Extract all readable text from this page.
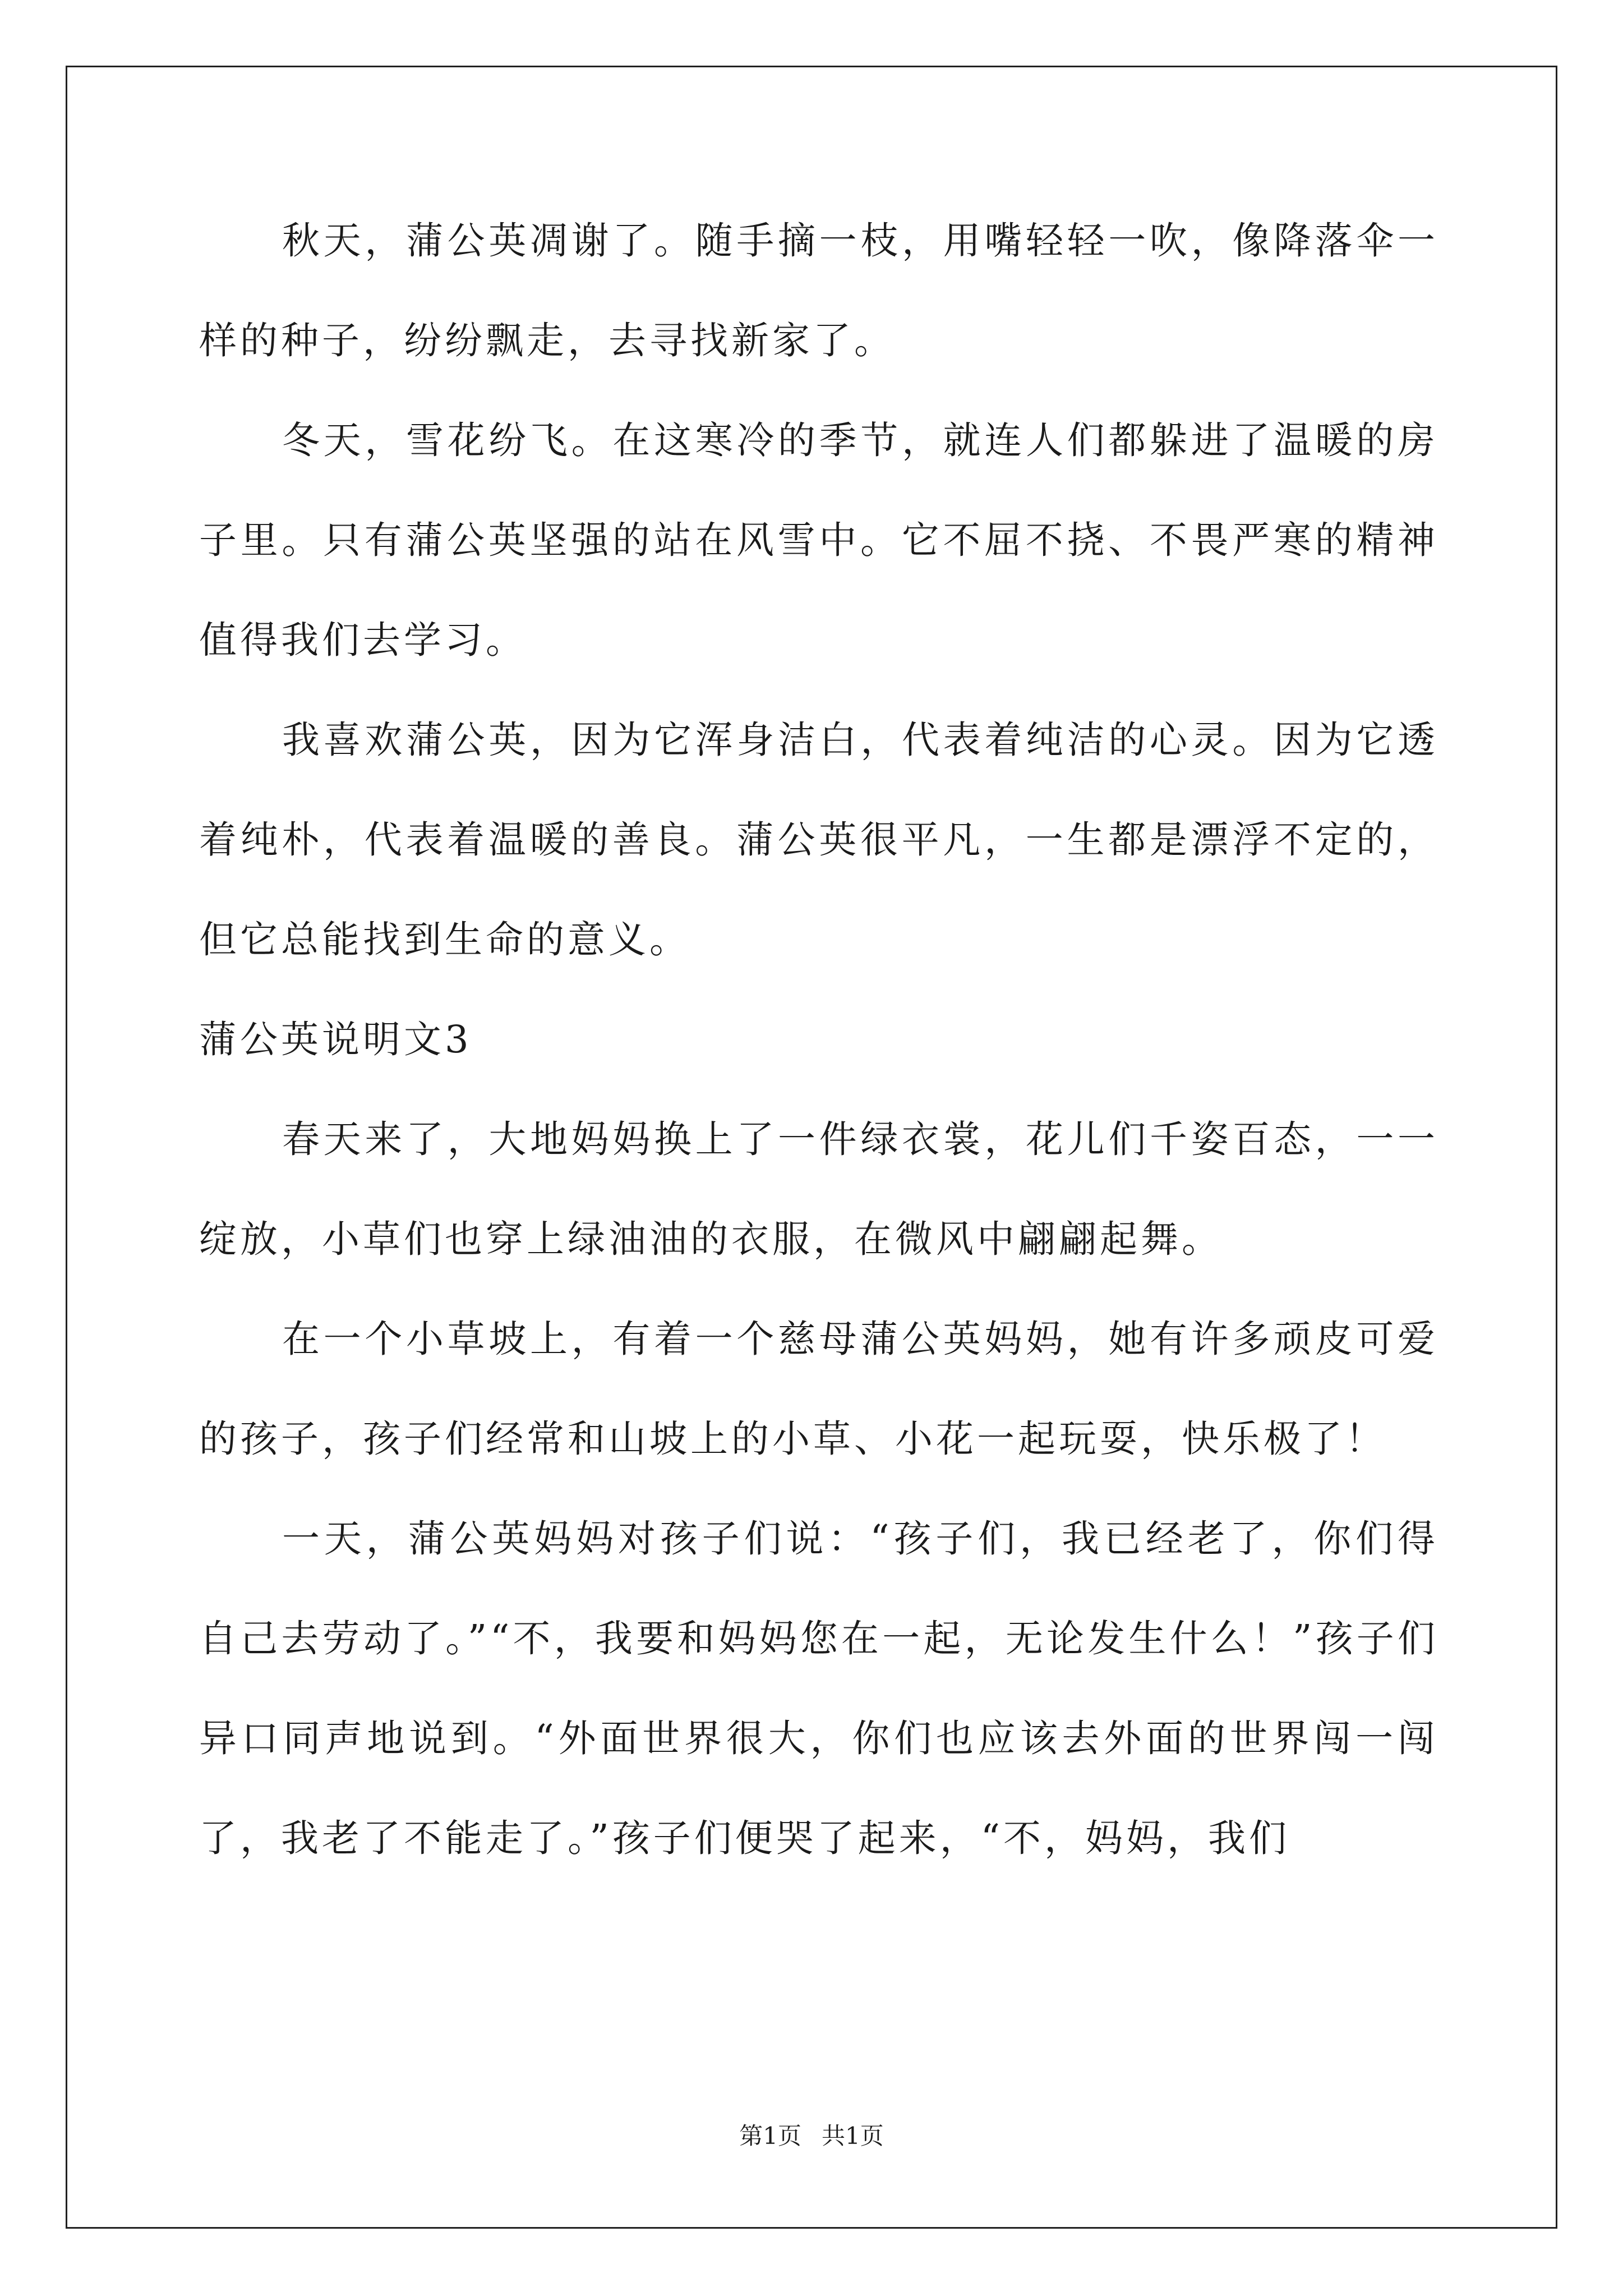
秋天，蒲公英凋谢了。随手摘一枝，用嘴轻轻一吹，像降落伞一样的种子，纷纷飘走，去寻找新家了。

冬天，雪花纷飞。在这寒冷的季节，就连人们都躲进了温暖的房子里。只有蒲公英坚强的站在风雪中。它不屈不挠、不畏严寒的精神值得我们去学习。

我喜欢蒲公英，因为它浑身洁白，代表着纯洁的心灵。因为它透着纯朴，代表着温暖的善良。蒲公英很平凡，一生都是漂浮不定的，但它总能找到生命的意义。

蒲公英说明文3

春天来了，大地妈妈换上了一件绿衣裳，花儿们千姿百态，一一绽放，小草们也穿上绿油油的衣服，在微风中翩翩起舞。

在一个小草坡上，有着一个慈母蒲公英妈妈，她有许多顽皮可爱的孩子，孩子们经常和山坡上的小草、小花一起玩耍，快乐极了！

一天，蒲公英妈妈对孩子们说：“孩子们，我已经老了，你们得自己去劳动了。”“不，我要和妈妈您在一起，无论发生什么！”孩子们异口同声地说到。“外面世界很大，你们也应该去外面的世界闯一闯了，我老了不能走了。”孩子们便哭了起来，“不，妈妈，我们

第1页 共1页
